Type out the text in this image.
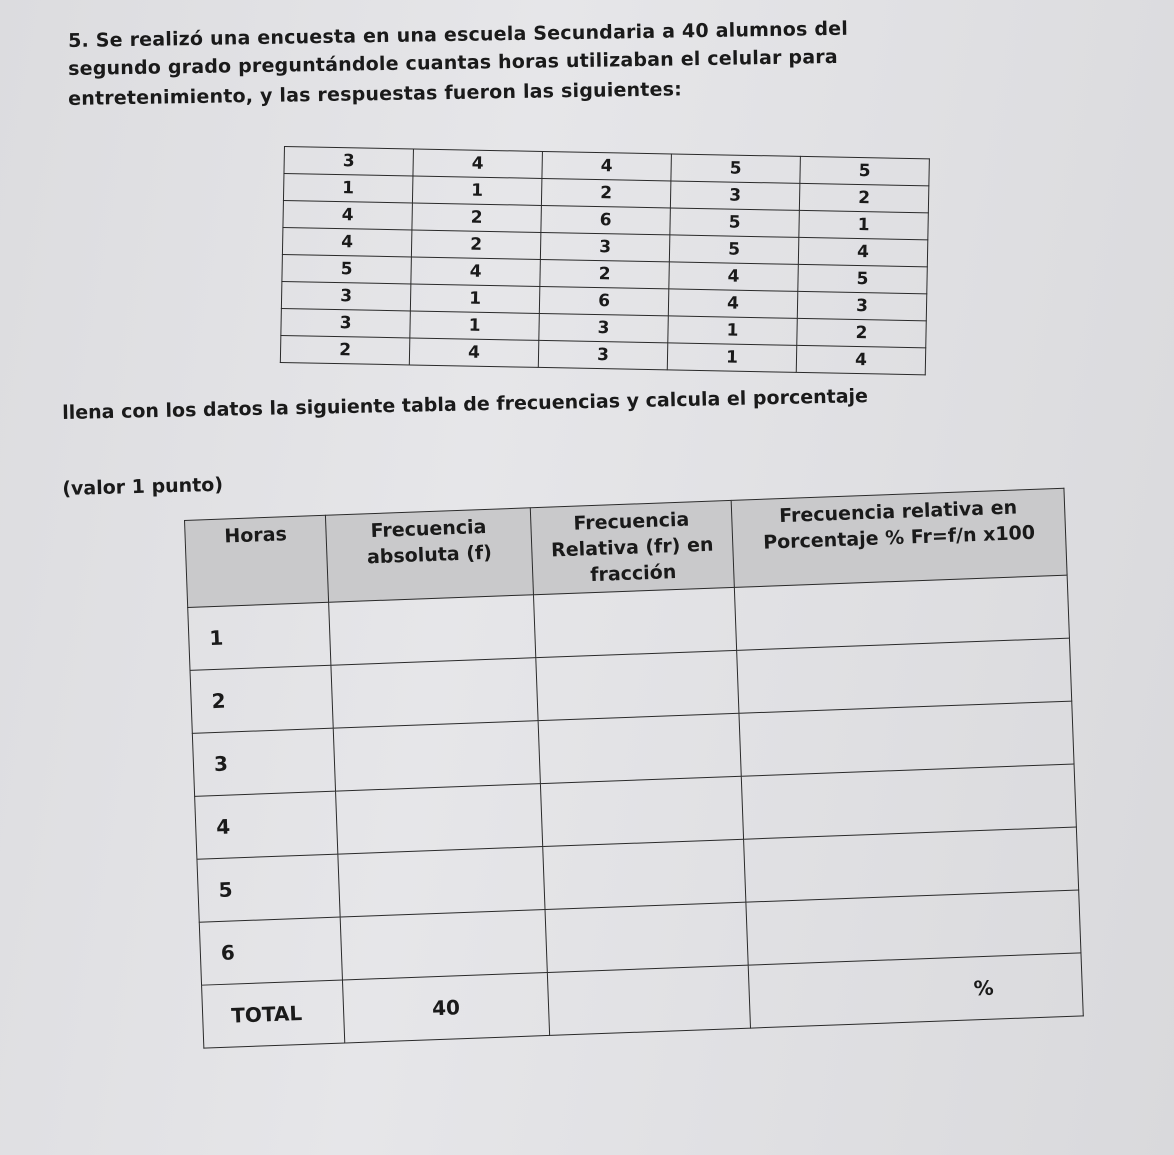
5. Se realizó una encuesta en una escuela Secundaria a 40 alumnos del
segundo grado preguntándole cuantas horas utilizaban el celular para
entretenimiento, y las respuestas fueron las siguientes:
3	4	4	5	5
1	1	2	3	2
4	2	6	5	1
4	2	3	5	4
5	4	2	4	5
3	1	6	4	3
3	1	3	1	2
2	4	3	1	4
llena con los datos la siguiente tabla de frecuencias y calcula el porcentaje
(valor 1 punto)
Horas	Frecuencia absoluta (f)	Frecuencia Relativa (fr) en fracción	Frecuencia relativa en Porcentaje % Fr=f/n x100
1			
2			
3			
4			
5			
6			
TOTAL	40		%
